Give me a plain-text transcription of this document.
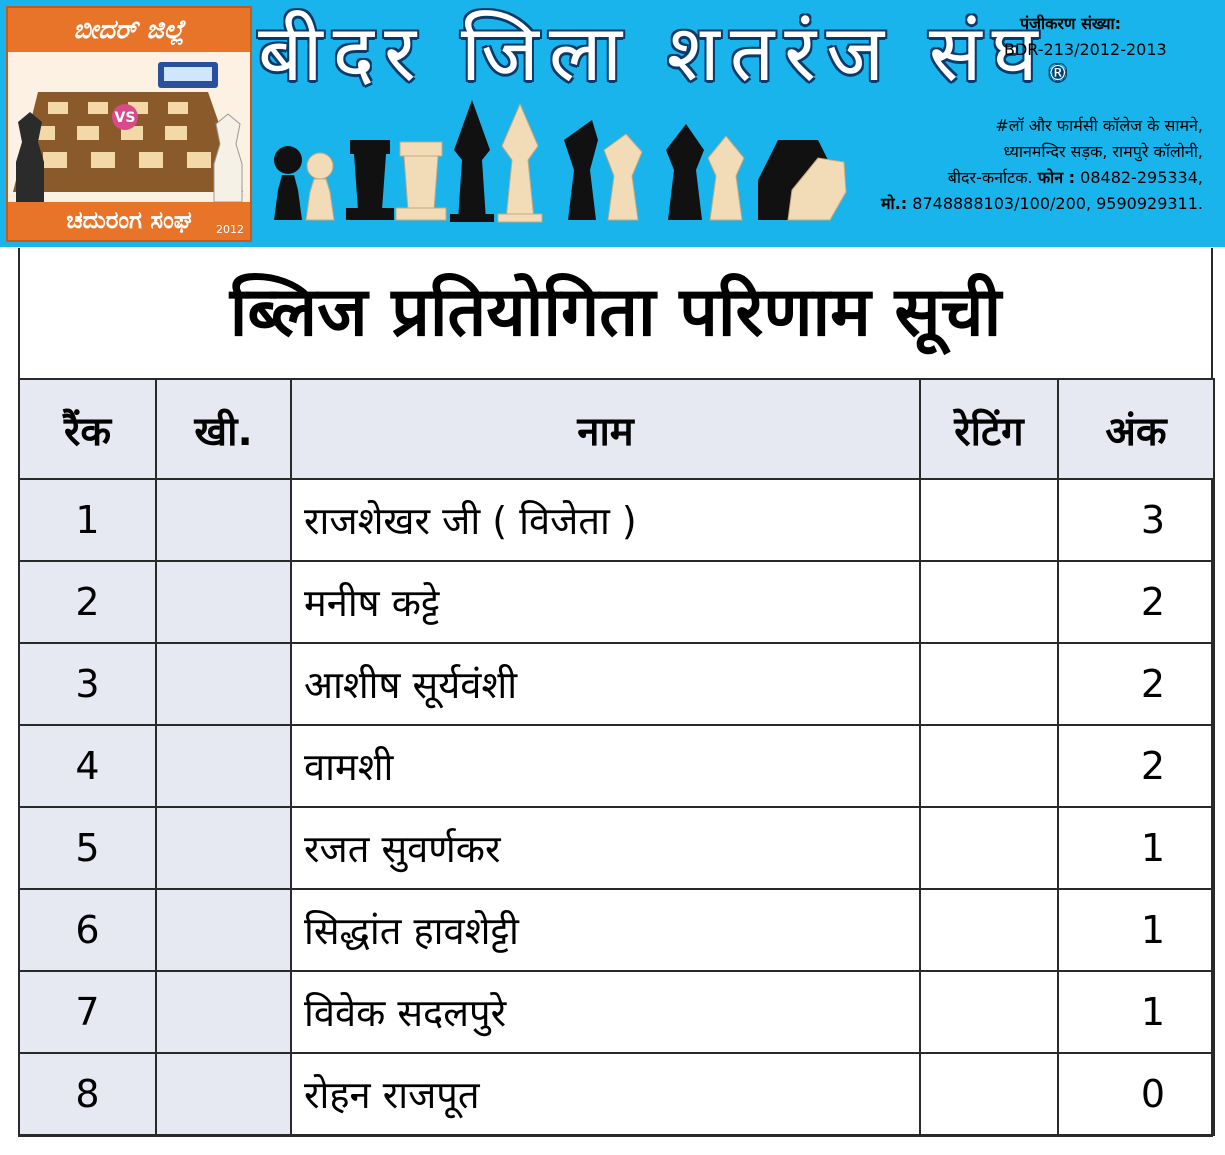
ಬೀದರ್ ಜಿಲ್ಲೆ
VS
ಚದುರಂಗ ಸಂಘ	2012
बीदर जिला शतरंज संघ®
पंजीकरण संख्या:
BDR-213/2012-2013
#लॉ और फार्मसी कॉलेज के सामने,
ध्यानमन्दिर सड़क, रामपुरे कॉलोनी,
बीदर-कर्नाटक. फोन : 08482-295334,
मो.: 8748888103/100/200, 9590929311.
ब्लिज प्रतियोगिता परिणाम सूची
रैंक	खी.	नाम	रेटिंग	अंक
1		राजशेखर जी ( विजेता )		3
2		मनीष कट्टे		2
3		आशीष सूर्यवंशी		2
4		वामशी		2
5		रजत सुवर्णकर		1
6		सिद्धांत हावशेट्टी		1
7		विवेक सदलपुरे		1
8		रोहन राजपूत		0
